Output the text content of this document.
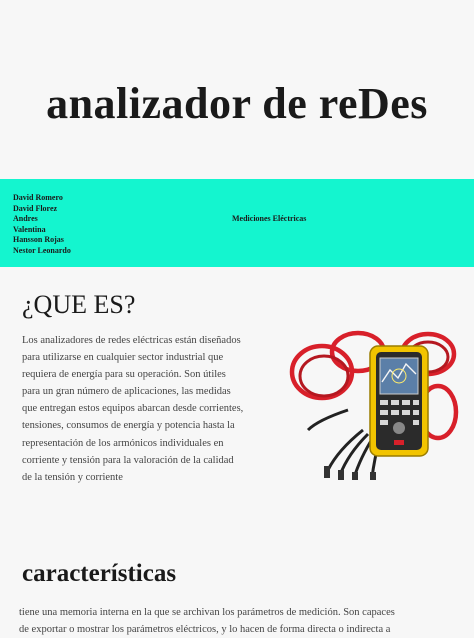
analizador de reDes
David Romero
David Florez
Andres
Valentina
Hansson Rojas
Nestor Leonardo
Mediciones Eléctricas
¿QUE ES?
Los analizadores de redes eléctricas están diseñados
para utilizarse en cualquier sector industrial que
requiera de energía para su operación. Son útiles
para un gran número de aplicaciones, las medidas
que entregan estos equipos abarcan desde corrientes,
tensiones, consumos de energía y potencia hasta la
representación de los armónicos individuales en
corriente y tensión para la valoración de la calidad
de la tensión y corriente
características
tiene una memoria interna en la que se archivan los parámetros de medición. Son capaces
de exportar o mostrar los parámetros eléctricos, y lo hacen de forma directa o indirecta a
